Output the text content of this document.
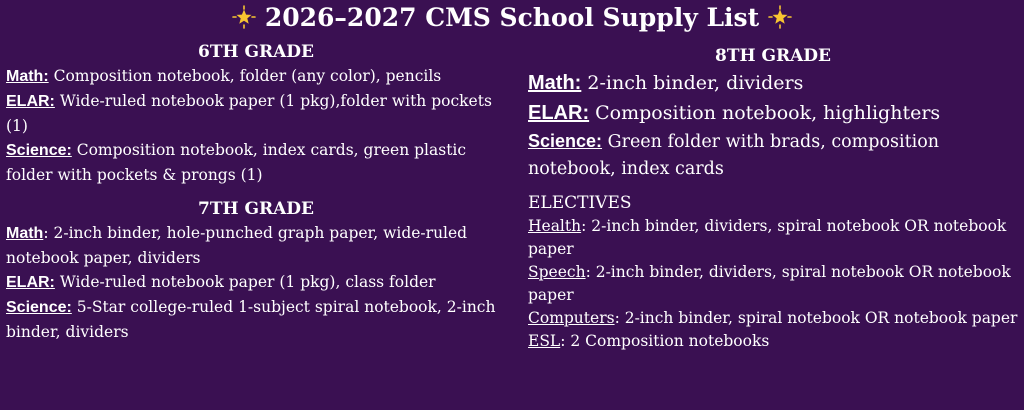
2026–2027 CMS School Supply List
6TH GRADE
Math: Composition notebook, folder (any color), pencils
ELAR: Wide-ruled notebook paper (1 pkg),folder with pockets (1)
Science: Composition notebook, index cards, green plastic folder with pockets & prongs (1)
7TH GRADE
Math: 2-inch binder, hole-punched graph paper, wide-ruled notebook paper, dividers
ELAR: Wide-ruled notebook paper (1 pkg), class folder
Science: 5-Star college-ruled 1-subject spiral notebook, 2-inch binder, dividers
8TH GRADE
Math: 2-inch binder, dividers
ELAR: Composition notebook, highlighters
Science: Green folder with brads, composition notebook, index cards
ELECTIVES
Health: 2-inch binder, dividers, spiral notebook OR notebook paper
Speech: 2-inch binder, dividers, spiral notebook OR notebook paper
Computers: 2-inch binder, spiral notebook OR notebook paper
ESL: 2 Composition notebooks
